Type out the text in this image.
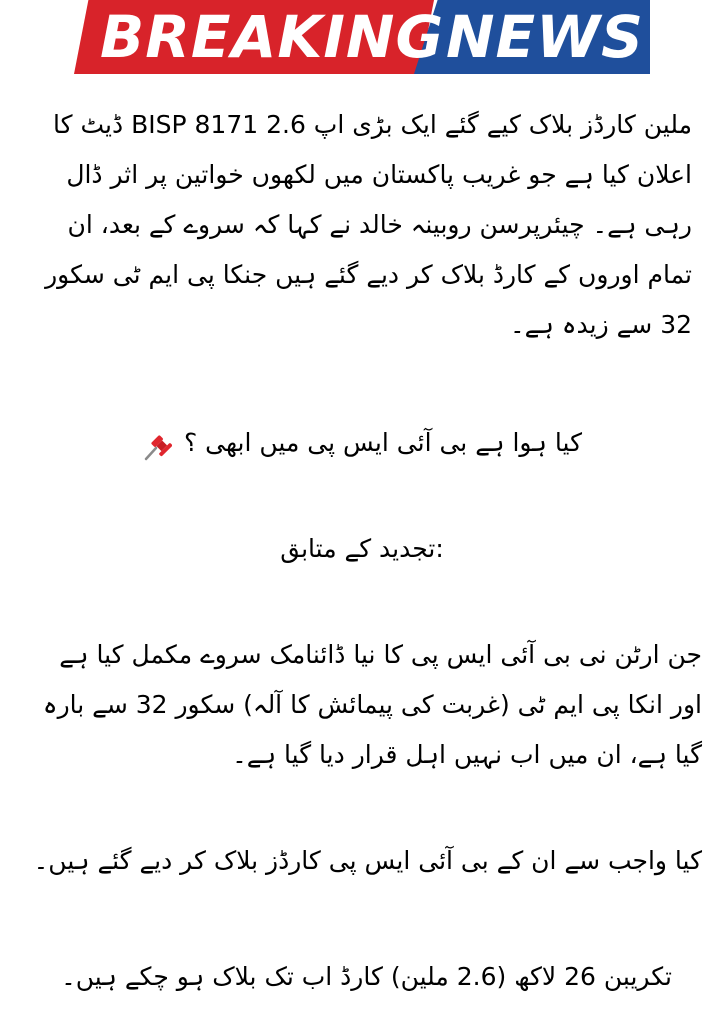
BREAKING NEWS

ملین کارڈز بلاک کیے گئے ایک بڑی اپ BISP 8171 2.6 ڈیٹ کا اعلان کیا ہے جو غریب پاکستان میں لکھوں خواتین پر اثر ڈال رہی ہے۔ چیئرپرسن روبینہ خالد نے کہا کہ سروے کے بعد، ان تمام اوروں کے کارڈ بلاک کر دیے گئے ہیں جنکا پی ایم ٹی سکور 32 سے زیدہ ہے۔

کیا ہوا ہے بی آئی ایس پی میں ابھی ؟

:تجدید کے متابق

جن ارٹن نی بی آئی ایس پی کا نیا ڈائنامک سروے مکمل کیا ہے اور انکا پی ایم ٹی (غربت کی پیمائش کا آلہ) سکور 32 سے بارہ گیا ہے، ان میں اب نہیں اہل قرار دیا گیا ہے۔

کیا واجب سے ان کے بی آئی ایس پی کارڈز بلاک کر دیے گئے ہیں۔

تکریبن 26 لاکھ (2.6 ملین) کارڈ اب تک بلاک ہو چکے ہیں۔
